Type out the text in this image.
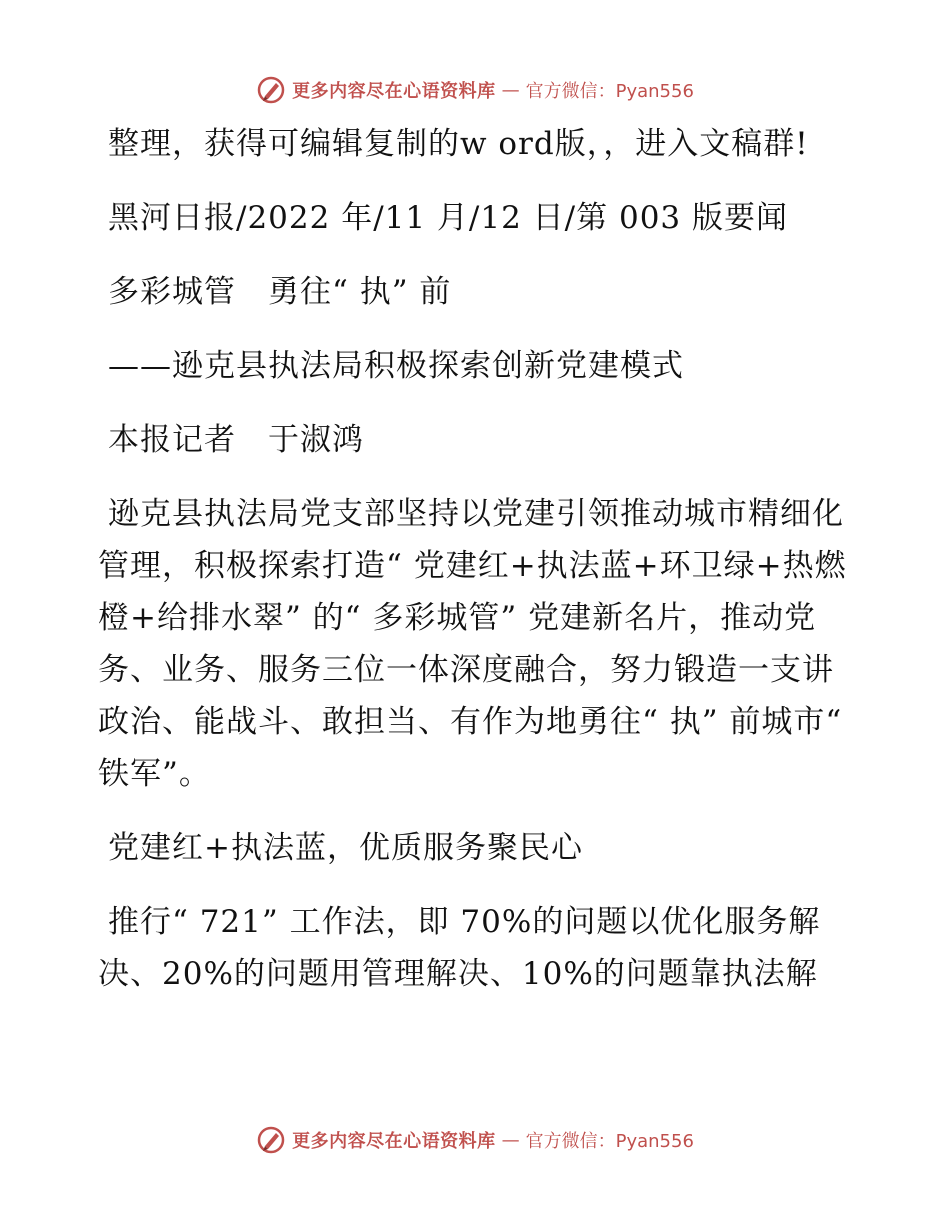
更多内容尽在心语资料库 — 官方微信：Pyan556

整理，获得可编辑复制的w ord版，，进入文稿群!

黑河日报/2022 年/11 月/12 日/第 003 版要闻

多彩城管　勇往“ 执” 前

——逊克县执法局积极探索创新党建模式

本报记者　于淑鸿

逊克县执法局党支部坚持以党建引领推动城市精细化管理，积极探索打造“ 党建红+执法蓝+环卫绿+热燃橙+给排水翠” 的“ 多彩城管” 党建新名片，推动党务、业务、服务三位一体深度融合，努力锻造一支讲政治、能战斗、敢担当、有作为地勇往“ 执” 前城市“ 铁军”。

党建红+执法蓝，优质服务聚民心

推行“ 721” 工作法，即 70%的问题以优化服务解决、20%的问题用管理解决、10%的问题靠执法解

更多内容尽在心语资料库 — 官方微信：Pyan556
